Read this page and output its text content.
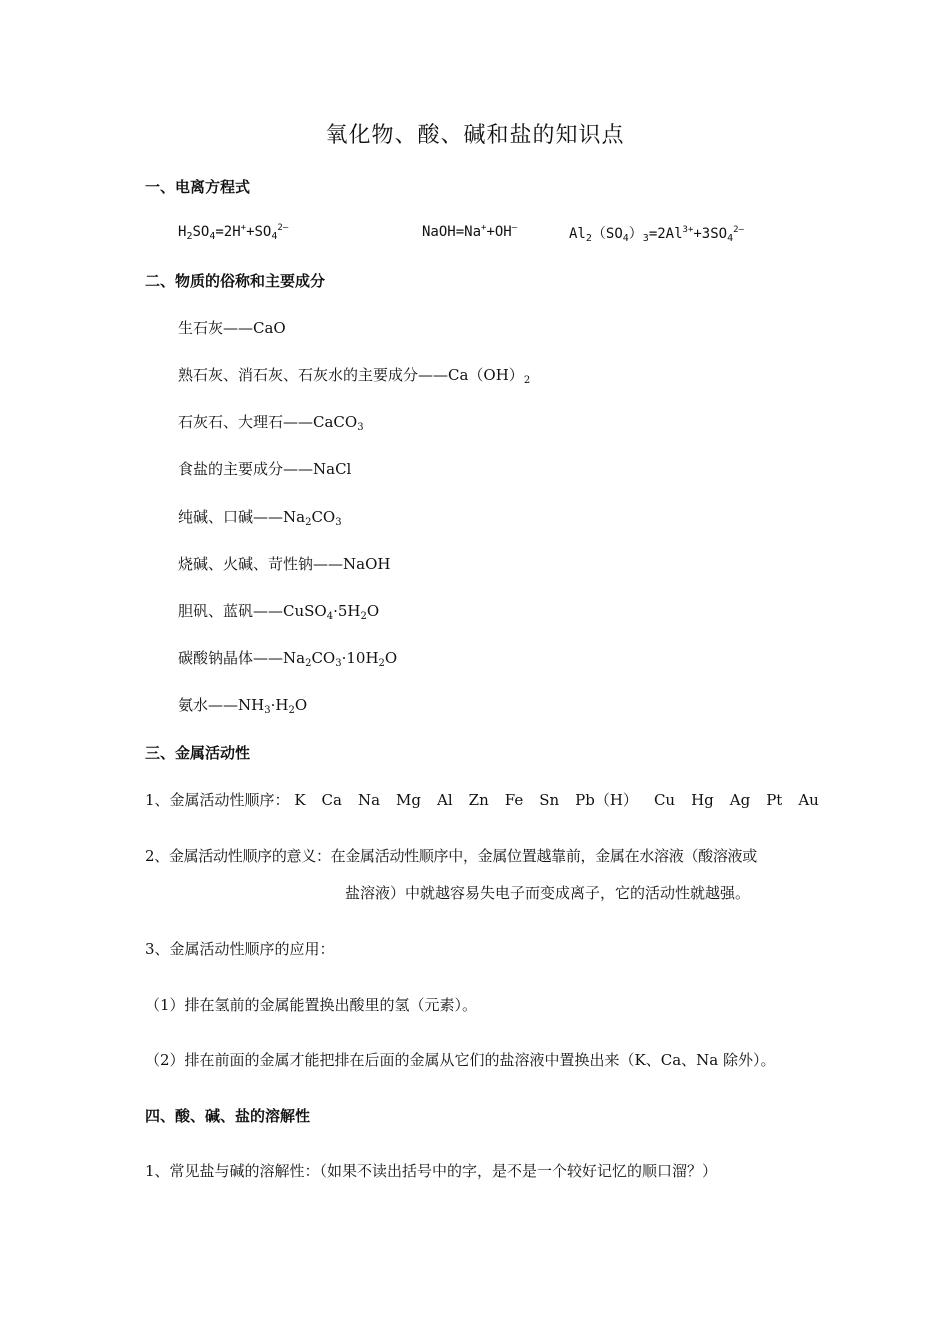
氧化物、酸、碱和盐的知识点
一、电离方程式
$H_2SO_4=2H^++SO_4^{2—}$	NaOH=Na++OH—	$Al_2(SO_4)_3=2Al^{3+}+3SO_4^{2—}$
二、物质的俗称和主要成分
生石灰——CaO
熟石灰、消石灰、石灰水的主要成分$——Ca(OH)_2$
石灰石、大理石——CaCO$_3$
食盐的主要成分——NaCl
纯碱、口碱$——Na_2CO_3$
烧碱、火碱、苛性钠——NaOH
胆矾、蓝矾$——CuSO_4\cdot 5H_2O$
碳酸钠晶体$——Na_2CO_3\cdot 10H_2O$
氨水$——NH_3\cdot H_2O$
三、金属活动性
1、金属活动性顺序： K Ca Na Mg Al Zn Fe Sn Pb（H） Cu Hg Ag Pt Au
2、金属活动性顺序的意义：在金属活动性顺序中，金属位置越靠前，金属在水溶液（酸溶液或
盐溶液）中就越容易失电子而变成离子，它的活动性就越强。
3、金属活动性顺序的应用：
（1）排在氢前的金属能置换出酸里的氢（元素）。
（2）排在前面的金属才能把排在后面的金属从它们的盐溶液中置换出来（K、Ca、Na 除外）。
四、酸、碱、盐的溶解性
1、常见盐与碱的溶解性：（如果不读出括号中的字，是不是一个较好记忆的顺口溜？）
